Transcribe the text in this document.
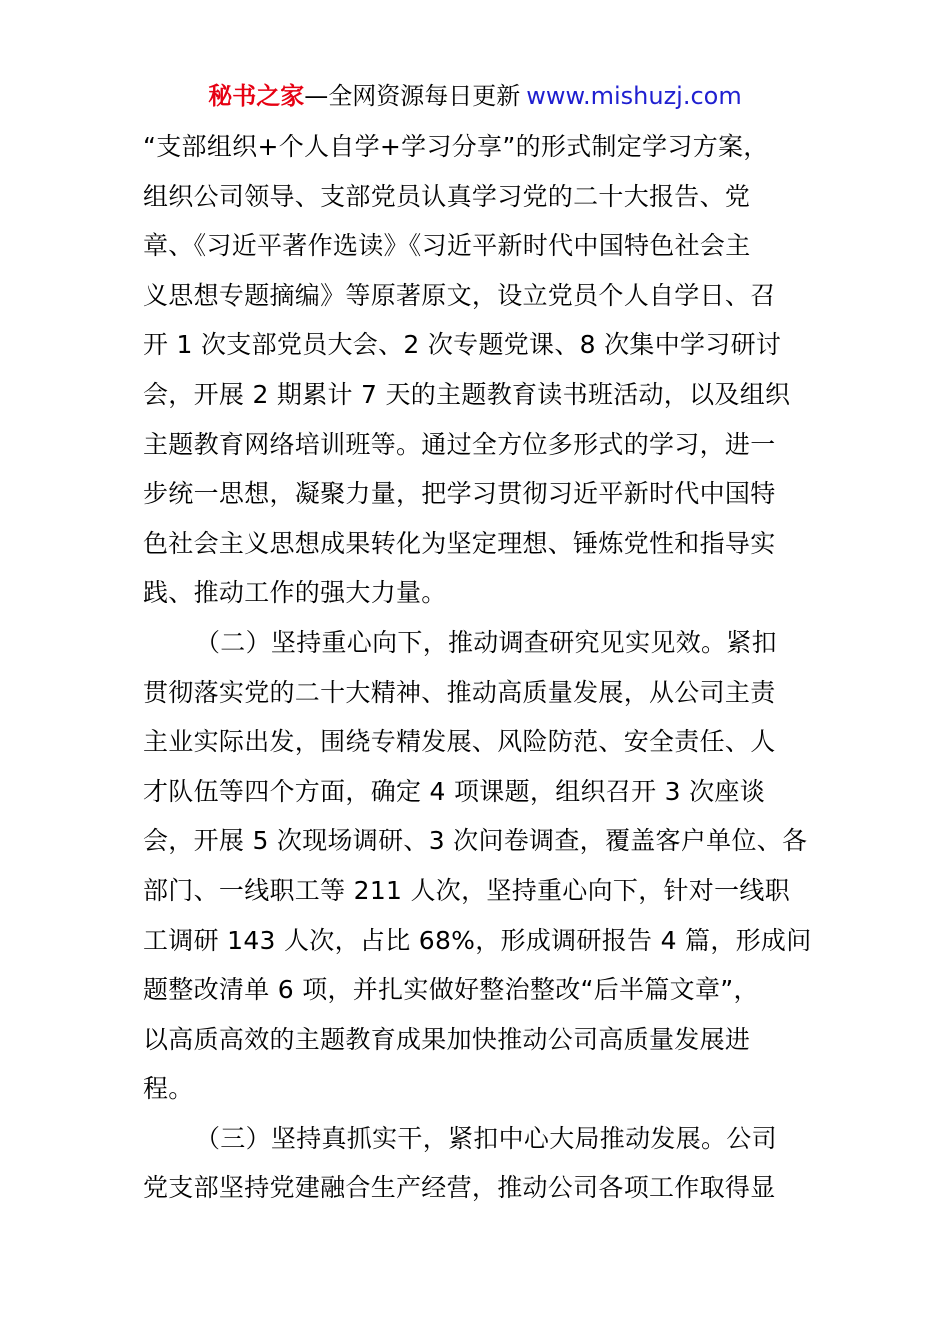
秘书之家—全网资源每日更新 www.mishuzj.com
“支部组织+个人自学+学习分享”的形式制定学习方案，
组织公司领导、支部党员认真学习党的二十大报告、党
章、《习近平著作选读》《习近平新时代中国特色社会主
义思想专题摘编》等原著原文，设立党员个人自学日、召
开 1 次支部党员大会、2 次专题党课、8 次集中学习研讨
会，开展 2 期累计 7 天的主题教育读书班活动，以及组织
主题教育网络培训班等。通过全方位多形式的学习，进一
步统一思想，凝聚力量，把学习贯彻习近平新时代中国特
色社会主义思想成果转化为坚定理想、锤炼党性和指导实
践、推动工作的强大力量。
（二）坚持重心向下，推动调查研究见实见效。紧扣
贯彻落实党的二十大精神、推动高质量发展，从公司主责
主业实际出发，围绕专精发展、风险防范、安全责任、人
才队伍等四个方面，确定 4 项课题，组织召开 3 次座谈
会，开展 5 次现场调研、3 次问卷调查，覆盖客户单位、各
部门、一线职工等 211 人次，坚持重心向下，针对一线职
工调研 143 人次，占比 68%，形成调研报告 4 篇，形成问
题整改清单 6 项，并扎实做好整治整改“后半篇文章”，
以高质高效的主题教育成果加快推动公司高质量发展进
程。
（三）坚持真抓实干，紧扣中心大局推动发展。公司
党支部坚持党建融合生产经营，推动公司各项工作取得显
